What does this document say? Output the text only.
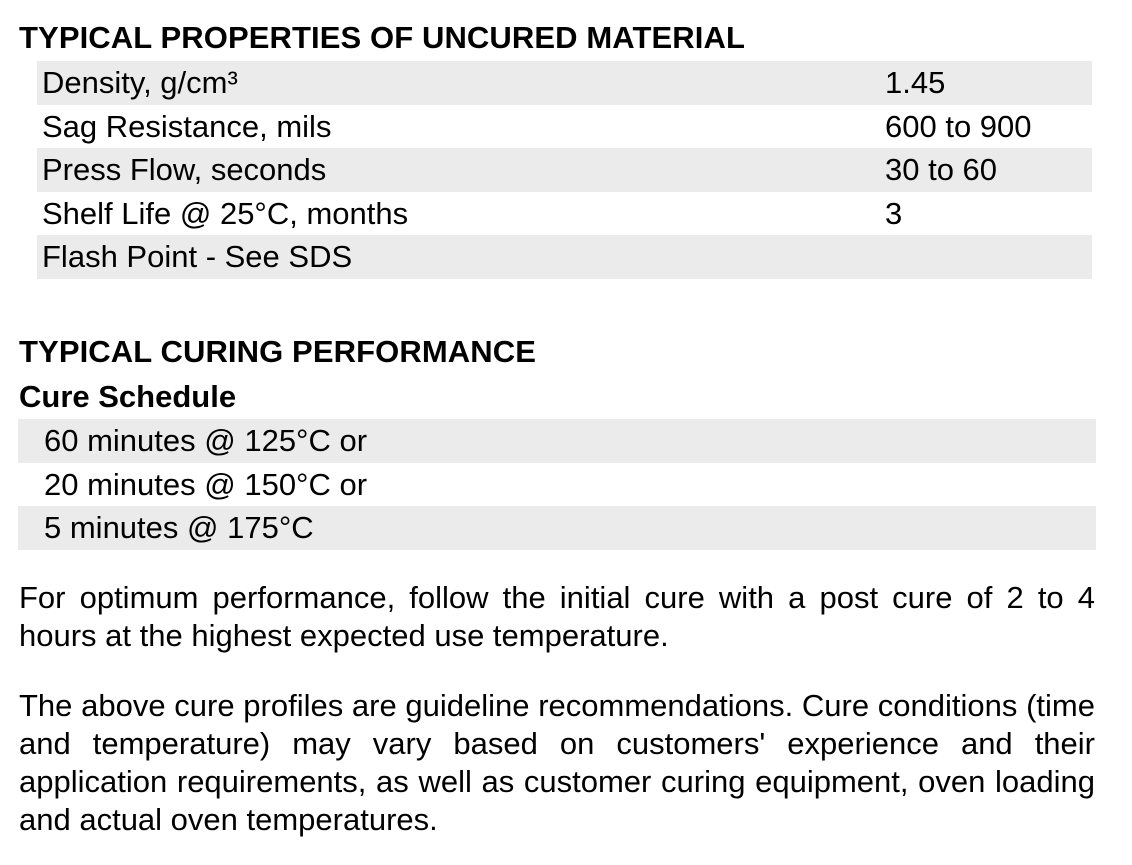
TYPICAL PROPERTIES OF UNCURED MATERIAL
Density, g/cm³	1.45
Sag Resistance, mils	600 to 900
Press Flow, seconds	30 to 60
Shelf Life @ 25°C, months	3
Flash Point - See SDS
TYPICAL CURING PERFORMANCE
Cure Schedule
60 minutes @ 125°C or
20 minutes @ 150°C or
5 minutes @ 175°C

For optimum performance, follow the initial cure with a post cure of 2 to 4 hours at the highest expected use temperature.

The above cure profiles are guideline recommendations. Cure conditions (time and temperature) may vary based on customers' experience and their application requirements, as well as customer curing equipment, oven loading and actual oven temperatures.
